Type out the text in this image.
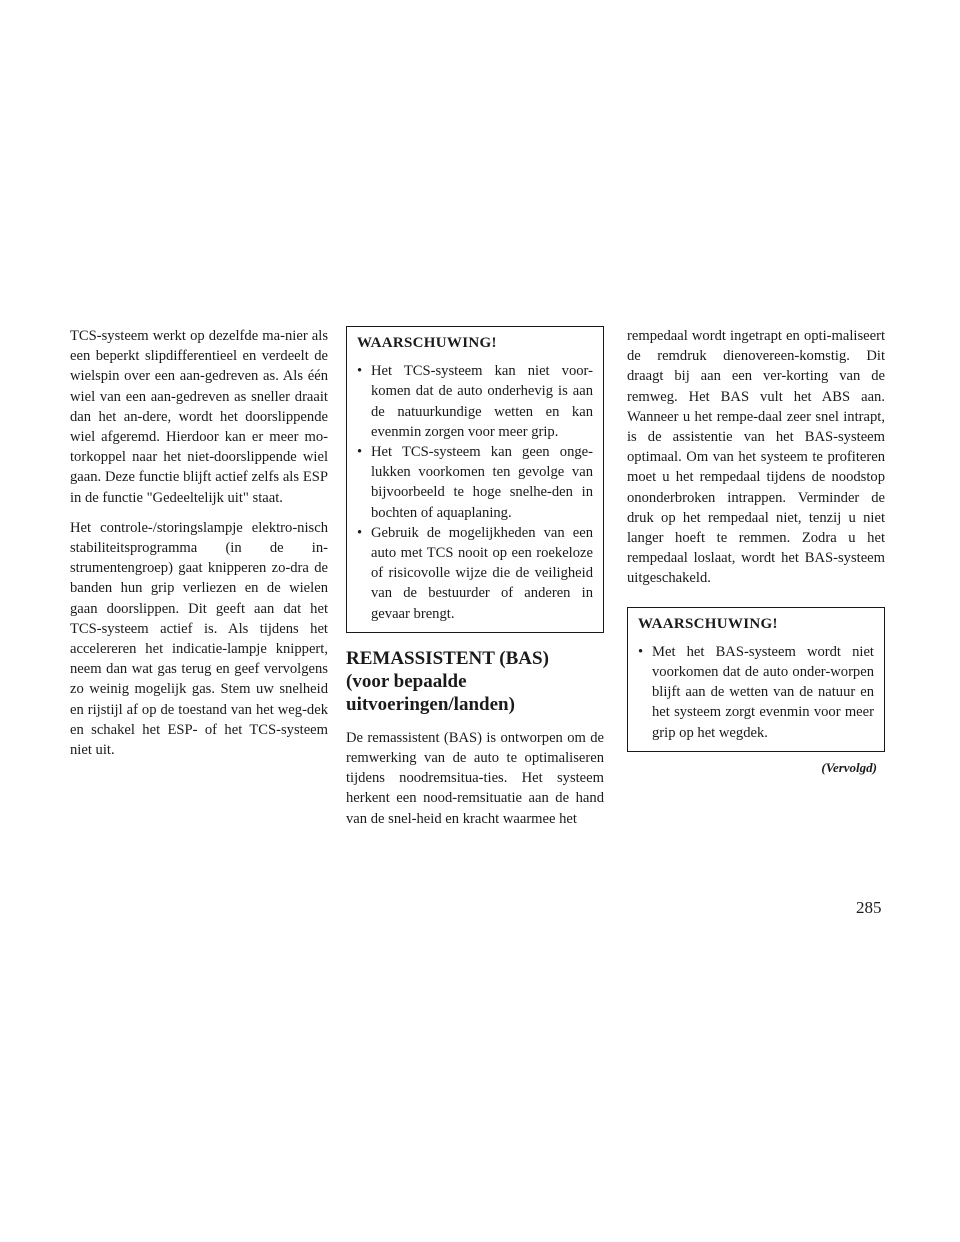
TCS-systeem werkt op dezelfde ma-nier als een beperkt slipdifferentieel en verdeelt de wielspin over een aan-gedreven as. Als één wiel van een aan-gedreven as sneller draait dan het an-dere, wordt het doorslippende wiel afgeremd. Hierdoor kan er meer mo-torkoppel naar het niet-doorslippende wiel gaan. Deze functie blijft actief zelfs als ESP in de functie "Gedeeltelijk uit" staat.

Het controle-/storingslampje elektro-nisch stabiliteitsprogramma (in de in-strumentengroep) gaat knipperen zo-dra de banden hun grip verliezen en de wielen gaan doorslippen. Dit geeft aan dat het TCS-systeem actief is. Als tijdens het accelereren het indicatie-lampje knippert, neem dan wat gas terug en geef vervolgens zo weinig mogelijk gas. Stem uw snelheid en rijstijl af op de toestand van het weg-dek en schakel het ESP- of het TCS-systeem niet uit.

WAARSCHUWING!
• Het TCS-systeem kan niet voor-komen dat de auto onderhevig is aan de natuurkundige wetten en kan evenmin zorgen voor meer grip.
• Het TCS-systeem kan geen onge-lukken voorkomen ten gevolge van bijvoorbeeld te hoge snelhe-den in bochten of aquaplaning.
• Gebruik de mogelijkheden van een auto met TCS nooit op een roekeloze of risicovolle wijze die de veiligheid van de bestuurder of anderen in gevaar brengt.
REMASSISTENT (BAS)
(voor bepaalde
uitvoeringen/landen)

De remassistent (BAS) is ontworpen om de remwerking van de auto te optimaliseren tijdens noodremsitua-ties. Het systeem herkent een nood-remsituatie aan de hand van de snel-heid en kracht waarmee het

rempedaal wordt ingetrapt en opti-maliseert de remdruk dienovereen-komstig. Dit draagt bij aan een ver-korting van de remweg. Het BAS vult het ABS aan. Wanneer u het rempe-daal zeer snel intrapt, is de assistentie van het BAS-systeem optimaal. Om van het systeem te profiteren moet u het rempedaal tijdens de noodstop ononderbroken intrappen. Verminder de druk op het rempedaal niet, tenzij u niet langer hoeft te remmen. Zodra u het rempedaal loslaat, wordt het BAS-systeem uitgeschakeld.

WAARSCHUWING!
• Met het BAS-systeem wordt niet voorkomen dat de auto onder-worpen blijft aan de wetten van de natuur en het systeem zorgt evenmin voor meer grip op het wegdek.
(Vervolgd)
285
